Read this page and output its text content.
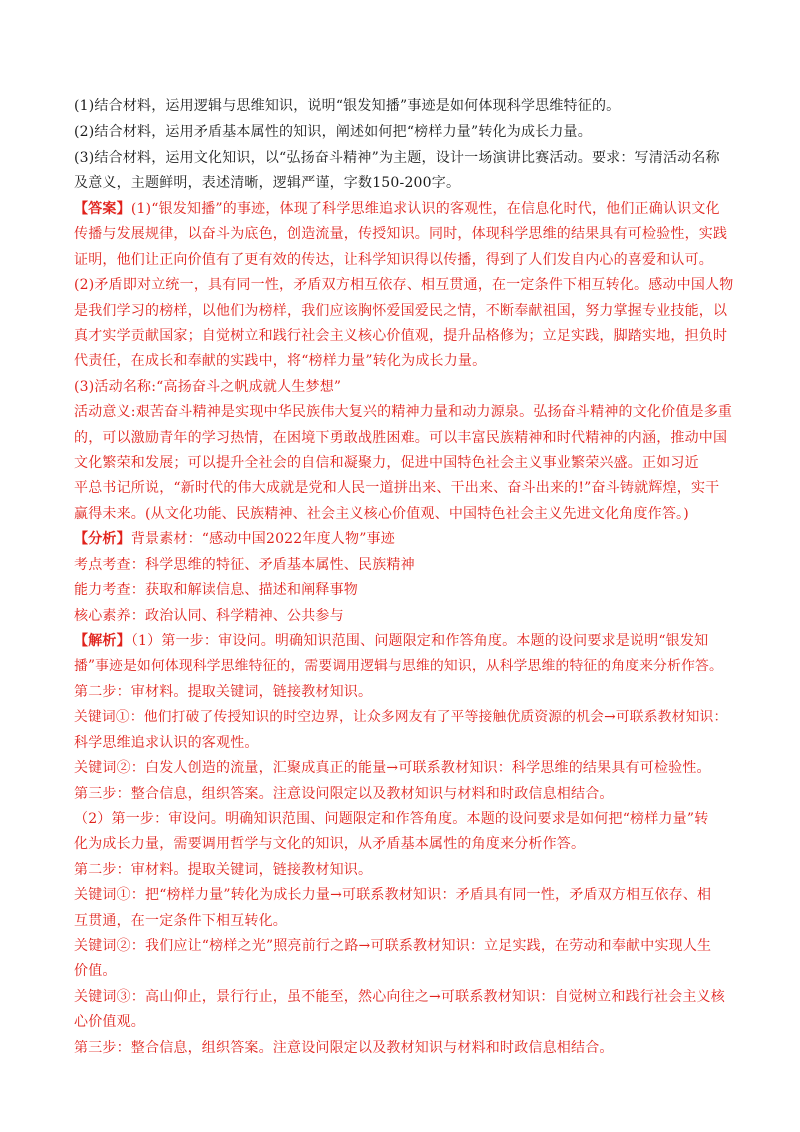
(1)结合材料，运用逻辑与思维知识，说明“银发知播”事迹是如何体现科学思维特征的。
(2)结合材料，运用矛盾基本属性的知识，阐述如何把“榜样力量”转化为成长力量。
(3)结合材料，运用文化知识，以“弘扬奋斗精神”为主题，设计一场演讲比赛活动。要求：写清活动名称
及意义，主题鲜明，表述清晰，逻辑严谨，字数150-200字。
【答案】(1)“银发知播”的事迹，体现了科学思维追求认识的客观性，在信息化时代，他们正确认识文化
传播与发展规律，以奋斗为底色，创造流量，传授知识。同时，体现科学思维的结果具有可检验性，实践
证明，他们让正向价值有了更有效的传达，让科学知识得以传播，得到了人们发自内心的喜爱和认可。
(2)矛盾即对立统一，具有同一性，矛盾双方相互依存、相互贯通，在一定条件下相互转化。感动中国人物
是我们学习的榜样，以他们为榜样，我们应该胸怀爱国爱民之情，不断奉献祖国，努力掌握专业技能，以
真才实学贡献国家；自觉树立和践行社会主义核心价值观，提升品格修为；立足实践，脚踏实地，担负时
代责任，在成长和奉献的实践中，将“榜样力量”转化为成长力量。
(3)活动名称:“高扬奋斗之帆成就人生梦想”
活动意义:艰苦奋斗精神是实现中华民族伟大复兴的精神力量和动力源泉。弘扬奋斗精神的文化价值是多重
的，可以激励青年的学习热情，在困境下勇敢战胜困难。可以丰富民族精神和时代精神的内涵，推动中国
文化繁荣和发展；可以提升全社会的自信和凝聚力，促进中国特色社会主义事业繁荣兴盛。正如习近
平总书记所说，“新时代的伟大成就是党和人民一道拼出来、干出来、奋斗出来的!”奋斗铸就辉煌，实干
赢得未来。(从文化功能、民族精神、社会主义核心价值观、中国特色社会主义先进文化角度作答。)
【分析】背景素材：“感动中国2022年度人物”事迹
考点考查：科学思维的特征、矛盾基本属性、民族精神
能力考查：获取和解读信息、描述和阐释事物
核心素养：政治认同、科学精神、公共参与
【解析】（1）第一步：审设问。明确知识范围、问题限定和作答角度。本题的设问要求是说明“银发知
播”事迹是如何体现科学思维特征的，需要调用逻辑与思维的知识，从科学思维的特征的角度来分析作答。
第二步：审材料。提取关键词，链接教材知识。
关键词①：他们打破了传授知识的时空边界，让众多网友有了平等接触优质资源的机会→可联系教材知识：
科学思维追求认识的客观性。
关键词②：白发人创造的流量，汇聚成真正的能量→可联系教材知识：科学思维的结果具有可检验性。
第三步：整合信息，组织答案。注意设问限定以及教材知识与材料和时政信息相结合。
（2）第一步：审设问。明确知识范围、问题限定和作答角度。本题的设问要求是如何把“榜样力量”转
化为成长力量，需要调用哲学与文化的知识，从矛盾基本属性的角度来分析作答。
第二步：审材料。提取关键词，链接教材知识。
关键词①：把“榜样力量”转化为成长力量→可联系教材知识：矛盾具有同一性，矛盾双方相互依存、相
互贯通，在一定条件下相互转化。
关键词②：我们应让“榜样之光”照亮前行之路→可联系教材知识：立足实践，在劳动和奉献中实现人生
价值。
关键词③：高山仰止，景行行止，虽不能至，然心向往之→可联系教材知识：自觉树立和践行社会主义核
心价值观。
第三步：整合信息，组织答案。注意设问限定以及教材知识与材料和时政信息相结合。
